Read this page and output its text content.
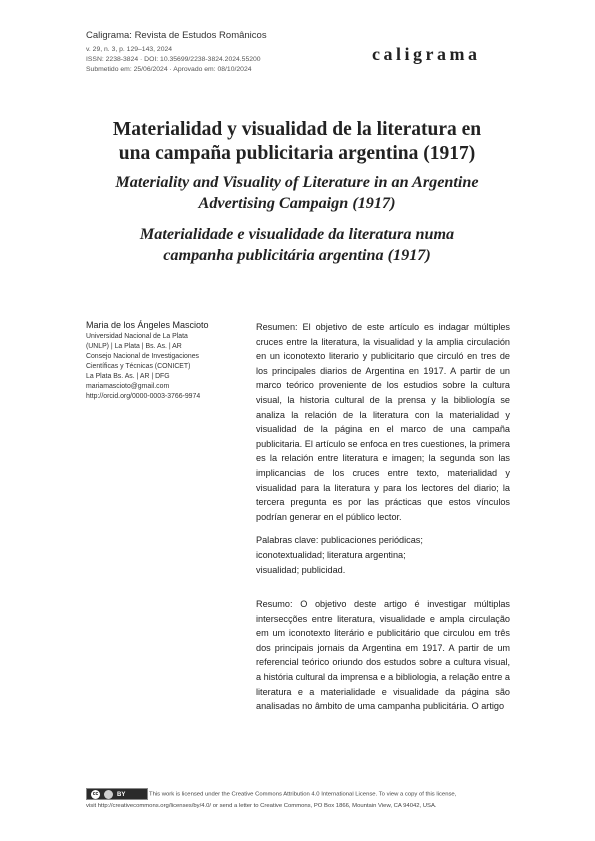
Caligrama: Revista de Estudos Românicos
v. 29, n. 3, p. 129–143, 2024
ISSN: 2238-3824 · DOI: 10.35699/2238-3824.2024.55200
Submetido em: 25/06/2024 · Aprovado em: 08/10/2024
caligrama
Materialidad y visualidad de la literatura en
una campaña publicitaria argentina (1917)
Materiality and Visuality of Literature in an Argentine
Advertising Campaign (1917)
Materialidade e visualidade da literatura numa
campanha publicitária argentina (1917)
Maria de los Ángeles Mascioto
Universidad Nacional de La Plata
(UNLP) | La Plata | Bs. As. | AR
Consejo Nacional de Investigaciones
Científicas y Técnicas (CONICET)
La Plata Bs. As. | AR | DFG
mariamascioto@gmail.com
http://orcid.org/0000-0003-3766-9974

Resumen: El objetivo de este artículo es indagar múltiples cruces entre la literatura, la visualidad y la amplia circulación en un iconotexto literario y publicitario que circuló en tres de los principales diarios de Argentina en 1917. A partir de un marco teórico proveniente de los estudios sobre la cultura visual, la historia cultural de la prensa y la bibliología se analiza la relación de la literatura con la materialidad y visualidad de la página en el marco de una campaña publicitaria. El artículo se enfoca en tres cuestiones, la primera es la relación entre literatura e imagen; la segunda son las implicancias de los cruces entre texto, materialidad y visualidad para la literatura y para los lectores del diario; la tercera pregunta es por las prácticas que estos vínculos podrían generar en el público lector.

Palabras clave: publicaciones periódicas;
iconotextualidad; literatura argentina;
visualidad; publicidad.

Resumo: O objetivo deste artigo é investigar múltiplas intersecções entre literatura, visualidade e ampla circulação em um iconotexto literário e publicitário que circulou em três dos principais jornais da Argentina em 1917. A partir de um referencial teórico oriundo dos estudos sobre a cultura visual, a história cultural da imprensa e a bibliologia, a relação entre a literatura e a materialidade e visualidade da página são analisadas no âmbito de uma campanha publicitária. O artigo

cc	BY	This work is licensed under the Creative Commons Attribution 4.0 International License. To view a copy of this license,
visit http://creativecommons.org/licenses/by/4.0/ or send a letter to Creative Commons, PO Box 1866, Mountain View, CA 94042, USA.
